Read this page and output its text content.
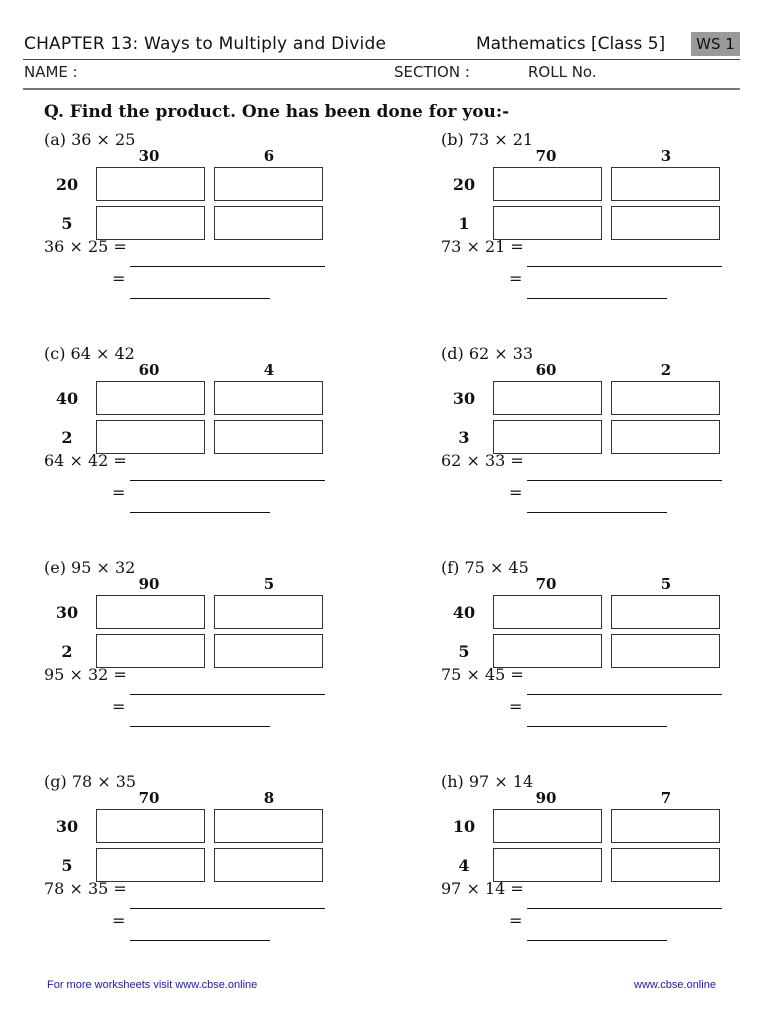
CHAPTER 13: Ways to Multiply and Divide	Mathematics [Class 5]	WS 1
NAME :	SECTION :	ROLL No.
Q. Find the product. One has been done for you:-
(a) 36 × 25
30	6
20
5
36 × 25 =
=
(b) 73 × 21
70	3
20
1
73 × 21 =
=
(c) 64 × 42
60	4
40
2
64 × 42 =
=
(d) 62 × 33
60	2
30
3
62 × 33 =
=
(e) 95 × 32
90	5
30
2
95 × 32 =
=
(f) 75 × 45
70	5
40
5
75 × 45 =
=
(g) 78 × 35
70	8
30
5
78 × 35 =
=
(h) 97 × 14
90	7
10
4
97 × 14 =
=
For more worksheets visit www.cbse.online	www.cbse.online
